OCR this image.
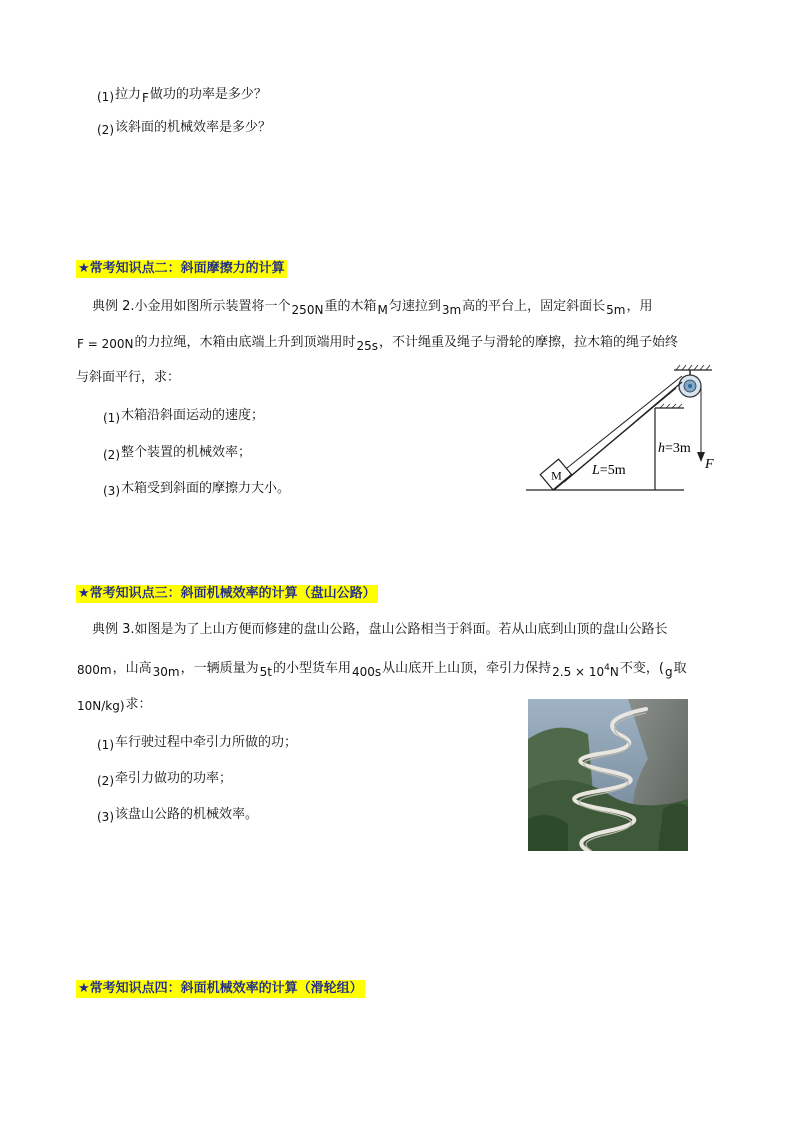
(1)拉力F做功的功率是多少？
(2)该斜面的机械效率是多少？
★常考知识点二：斜面摩擦力的计算
典例 2.小金用如图所示装置将一个250N重的木箱M匀速拉到3m高的平台上，固定斜面长5m，用
F = 200N的力拉绳，木箱由底端上升到顶端用时25s，不计绳重及绳子与滑轮的摩擦，拉木箱的绳子始终
与斜面平行，求：
(1)木箱沿斜面运动的速度；
(2)整个装置的机械效率；
(3)木箱受到斜面的摩擦力大小。
M L=5m
h=3m
F
★常考知识点三：斜面机械效率的计算（盘山公路）
典例 3.如图是为了上山方便而修建的盘山公路，盘山公路相当于斜面。若从山底到山顶的盘山公路长
800m，山高30m，一辆质量为5t的小型货车用400s从山底开上山顶，牵引力保持$2.5 \times 10^4N$不变，(g取
10N/kg)求：
(1)车行驶过程中牵引力所做的功；
(2)牵引力做功的功率；
(3)该盘山公路的机械效率。
★常考知识点四：斜面机械效率的计算（滑轮组）
